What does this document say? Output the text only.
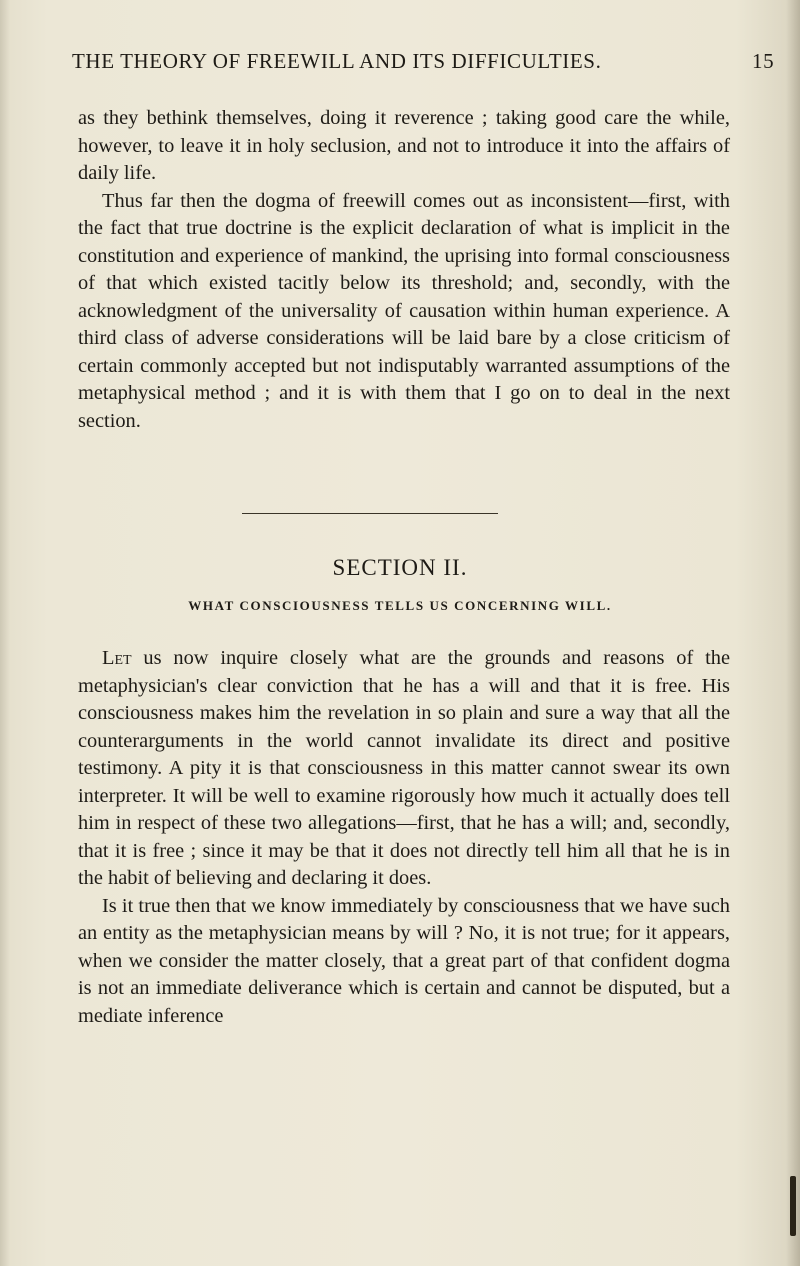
THE THEORY OF FREEWILL AND ITS DIFFICULTIES.	15

as they bethink themselves, doing it reverence ; taking good care the while, however, to leave it in holy seclusion, and not to introduce it into the affairs of daily life.

Thus far then the dogma of freewill comes out as inconsistent—first, with the fact that true doctrine is the explicit declaration of what is implicit in the constitution and experience of mankind, the uprising into formal consciousness of that which existed tacitly below its threshold; and, secondly, with the acknowledgment of the universality of causation within human experience. A third class of adverse considerations will be laid bare by a close criticism of certain commonly accepted but not indisputably warranted assumptions of the metaphysical method ; and it is with them that I go on to deal in the next section.

SECTION II.
WHAT CONSCIOUSNESS TELLS US CONCERNING WILL.

Let us now inquire closely what are the grounds and reasons of the metaphysician's clear conviction that he has a will and that it is free. His consciousness makes him the revelation in so plain and sure a way that all the counterarguments in the world cannot invalidate its direct and positive testimony. A pity it is that consciousness in this matter cannot swear its own interpreter. It will be well to examine rigorously how much it actually does tell him in respect of these two allegations—first, that he has a will; and, secondly, that it is free ; since it may be that it does not directly tell him all that he is in the habit of believing and declaring it does.

Is it true then that we know immediately by consciousness that we have such an entity as the metaphysician means by will ? No, it is not true; for it appears, when we consider the matter closely, that a great part of that confident dogma is not an immediate deliverance which is certain and cannot be disputed, but a mediate inference
